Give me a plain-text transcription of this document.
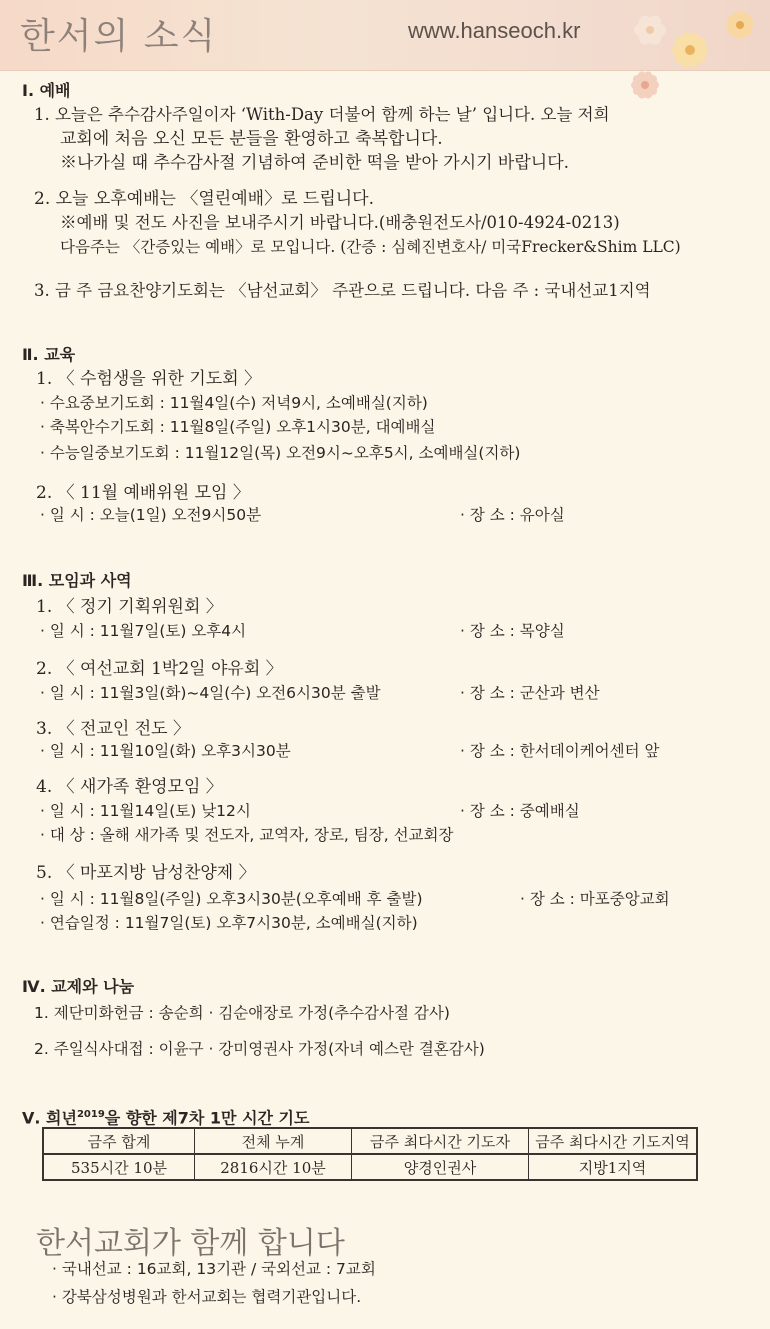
한서의 소식	www.hanseoch.kr
Ⅰ. 예배
1. 오늘은 추수감사주일이자 ‘With-Day 더불어 함께 하는 날’ 입니다. 오늘 저희
교회에 처음 오신 모든 분들을 환영하고 축복합니다.
※나가실 때 추수감사절 기념하여 준비한 떡을 받아 가시기 바랍니다.
2. 오늘 오후예배는 〈열린예배〉로 드립니다.
※예배 및 전도 사진을 보내주시기 바랍니다.(배충원전도사/010-4924-0213)
다음주는 〈간증있는 예배〉로 모입니다. (간증 : 심혜진변호사/ 미국Frecker&Shim LLC)
3. 금 주 금요찬양기도회는 〈남선교회〉 주관으로 드립니다. 다음 주 : 국내선교1지역
Ⅱ. 교육
1. 〈 수험생을 위한 기도회 〉
· 수요중보기도회 : 11월4일(수) 저녁9시, 소예배실(지하)
· 축복안수기도회 : 11월8일(주일) 오후1시30분, 대예배실
· 수능일중보기도회 : 11월12일(목) 오전9시~오후5시, 소예배실(지하)
2. 〈 11월 예배위원 모임 〉
· 일 시 : 오늘(1일) 오전9시50분	· 장 소 : 유아실
Ⅲ. 모임과 사역
1. 〈 정기 기획위원회 〉
· 일 시 : 11월7일(토) 오후4시	· 장 소 : 목양실
2. 〈 여선교회 1박2일 야유회 〉
· 일 시 : 11월3일(화)~4일(수) 오전6시30분 출발	· 장 소 : 군산과 변산
3. 〈 전교인 전도 〉
· 일 시 : 11월10일(화) 오후3시30분	· 장 소 : 한서데이케어센터 앞
4. 〈 새가족 환영모임 〉
· 일 시 : 11월14일(토) 낮12시	· 장 소 : 중예배실
· 대 상 : 올해 새가족 및 전도자, 교역자, 장로, 팀장, 선교회장
5. 〈 마포지방 남성찬양제 〉
· 일 시 : 11월8일(주일) 오후3시30분(오후예배 후 출발)	· 장 소 : 마포중앙교회
· 연습일정 : 11월7일(토) 오후7시30분, 소예배실(지하)
Ⅳ. 교제와 나눔
1. 제단미화헌금 : 송순희 · 김순애장로 가정(추수감사절 감사)
2. 주일식사대접 : 이윤구 · 강미영권사 가정(자녀 예스란 결혼감사)
Ⅴ. 희년$^{2019}$을 향한 제7차 1만 시간 기도
금주 합계	전체 누계	금주 최다시간 기도자	금주 최다시간 기도지역
535시간 10분	2816시간 10분	양경인권사	지방1지역
한서교회가 함께 합니다
· 국내선교 : 16교회, 13기관 / 국외선교 : 7교회
· 강북삼성병원과 한서교회는 협력기관입니다.
